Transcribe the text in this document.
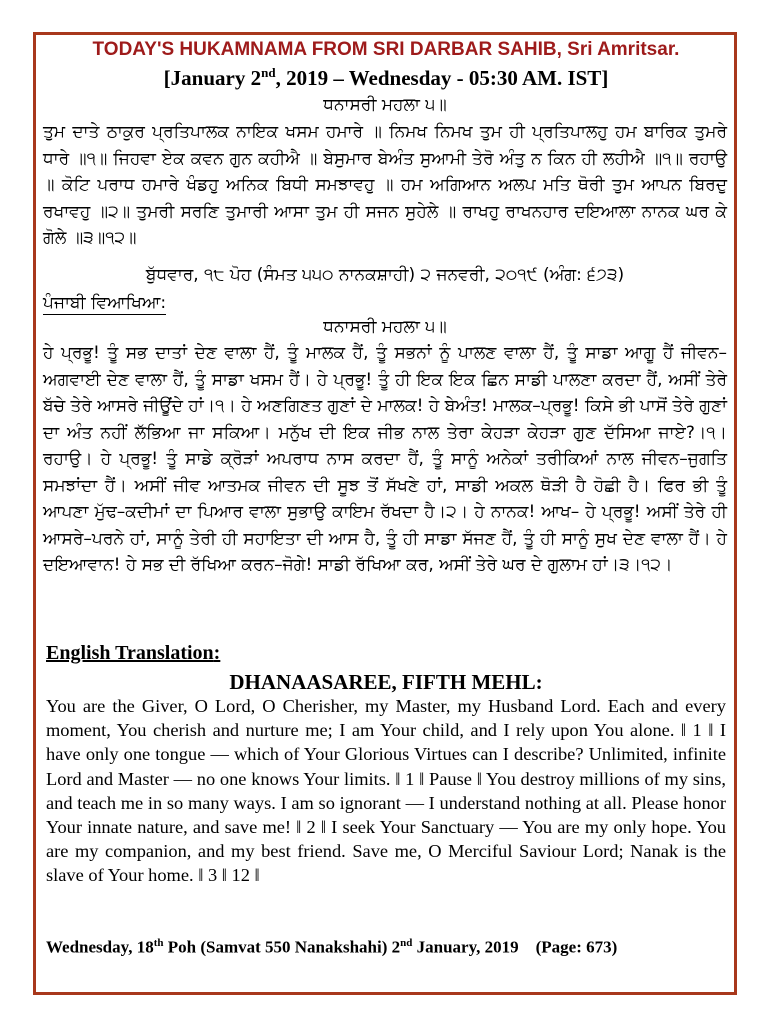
TODAY'S HUKAMNAMA FROM SRI DARBAR SAHIB, Sri Amritsar.
[January 2nd, 2019 – Wednesday - 05:30 AM. IST]
ਧਨਾਸਰੀ ਮਹਲਾ ੫॥
ਤੁਮ ਦਾਤੇ ਠਾਕੁਰ ਪ੍ਰਤਿਪਾਲਕ ਨਾਇਕ ਖਸਮ ਹਮਾਰੇ ॥ ਨਿਮਖ ਨਿਮਖ ਤੁਮ ਹੀ ਪ੍ਰਤਿਪਾਲਹੁ ਹਮ ਬਾਰਿਕ ਤੁਮਰੇ ਧਾਰੇ ॥੧॥ ਜਿਹਵਾ ਏਕ ਕਵਨ ਗੁਨ ਕਹੀਐ ॥ ਬੇਸੁਮਾਰ ਬੇਅੰਤ ਸੁਆਮੀ ਤੇਰੋ ਅੰਤੁ ਨ ਕਿਨ ਹੀ ਲਹੀਐ ॥੧॥ ਰਹਾਉ ॥ ਕੋਟਿ ਪਰਾਧ ਹਮਾਰੇ ਖੰਡਹੁ ਅਨਿਕ ਬਿਧੀ ਸਮਝਾਵਹੁ ॥ ਹਮ ਅਗਿਆਨ ਅਲਪ ਮਤਿ ਥੋਰੀ ਤੁਮ ਆਪਨ ਬਿਰਦੁ ਰਖਾਵਹੁ ॥੨॥ ਤੁਮਰੀ ਸਰਣਿ ਤੁਮਾਰੀ ਆਸਾ ਤੁਮ ਹੀ ਸਜਨ ਸੁਹੇਲੇ ॥ ਰਾਖਹੁ ਰਾਖਨਹਾਰ ਦਇਆਲਾ ਨਾਨਕ ਘਰ ਕੇ ਗੋਲੇ ॥੩॥੧੨॥
ਬੁੱਧਵਾਰ, ੧੮ ਪੋਹ (ਸੰਮਤ ੫੫੦ ਨਾਨਕਸ਼ਾਹੀ) ੨ ਜਨਵਰੀ, ੨੦੧੯ (ਅੰਗ: ੬੭੩)
ਪੰਜਾਬੀ ਵਿਆਖਿਆ:
ਧਨਾਸਰੀ ਮਹਲਾ ੫॥
ਹੇ ਪ੍ਰਭੂ! ਤੂੰ ਸਭ ਦਾਤਾਂ ਦੇਣ ਵਾਲਾ ਹੈਂ, ਤੂੰ ਮਾਲਕ ਹੈਂ, ਤੂੰ ਸਭਨਾਂ ਨੂੰ ਪਾਲਣ ਵਾਲਾ ਹੈਂ, ਤੂੰ ਸਾਡਾ ਆਗੂ ਹੈਂ ਜੀਵਨ–ਅਗਵਾਈ ਦੇਣ ਵਾਲਾ ਹੈਂ, ਤੂੰ ਸਾਡਾ ਖਸਮ ਹੈਂ। ਹੇ ਪ੍ਰਭੂ! ਤੂੰ ਹੀ ਇਕ ਇਕ ਛਿਨ ਸਾਡੀ ਪਾਲਣਾ ਕਰਦਾ ਹੈਂ, ਅਸੀਂ ਤੇਰੇ ਬੱਚੇ ਤੇਰੇ ਆਸਰੇ ਜੀਊਂਦੇ ਹਾਂ।੧। ਹੇ ਅਣਗਿਣਤ ਗੁਣਾਂ ਦੇ ਮਾਲਕ! ਹੇ ਬੇਅੰਤ! ਮਾਲਕ–ਪ੍ਰਭੂ! ਕਿਸੇ ਭੀ ਪਾਸੋਂ ਤੇਰੇ ਗੁਣਾਂ ਦਾ ਅੰਤ ਨਹੀਂ ਲੱਭਿਆ ਜਾ ਸਕਿਆ। ਮਨੁੱਖ ਦੀ ਇਕ ਜੀਭ ਨਾਲ ਤੇਰਾ ਕੇਹੜਾ ਕੇਹੜਾ ਗੁਣ ਦੱਸਿਆ ਜਾਏ?।੧।ਰਹਾਉ। ਹੇ ਪ੍ਰਭੂ! ਤੂੰ ਸਾਡੇ ਕ੍ਰੋੜਾਂ ਅਪਰਾਧ ਨਾਸ ਕਰਦਾ ਹੈਂ, ਤੂੰ ਸਾਨੂੰ ਅਨੇਕਾਂ ਤਰੀਕਿਆਂ ਨਾਲ ਜੀਵਨ–ਜੁਗਤਿ ਸਮਝਾਂਦਾ ਹੈਂ। ਅਸੀਂ ਜੀਵ ਆਤਮਕ ਜੀਵਨ ਦੀ ਸੂਝ ਤੋਂ ਸੱਖਣੇ ਹਾਂ, ਸਾਡੀ ਅਕਲ ਥੋੜੀ ਹੈ ਹੋਛੀ ਹੈ। ਫਿਰ ਭੀ ਤੂੰ ਆਪਣਾ ਮੁੱਢ–ਕਦੀਮਾਂ ਦਾ ਪਿਆਰ ਵਾਲਾ ਸੁਭਾਉ ਕਾਇਮ ਰੱਖਦਾ ਹੈ।੨। ਹੇ ਨਾਨਕ! ਆਖ– ਹੇ ਪ੍ਰਭੂ! ਅਸੀਂ ਤੇਰੇ ਹੀ ਆਸਰੇ–ਪਰਨੇ ਹਾਂ, ਸਾਨੂੰ ਤੇਰੀ ਹੀ ਸਹਾਇਤਾ ਦੀ ਆਸ ਹੈ, ਤੂੰ ਹੀ ਸਾਡਾ ਸੱਜਣ ਹੈਂ, ਤੂੰ ਹੀ ਸਾਨੂੰ ਸੁਖ ਦੇਣ ਵਾਲਾ ਹੈਂ। ਹੇ ਦਇਆਵਾਨ! ਹੇ ਸਭ ਦੀ ਰੱਖਿਆ ਕਰਨ–ਜੋਗੇ! ਸਾਡੀ ਰੱਖਿਆ ਕਰ, ਅਸੀਂ ਤੇਰੇ ਘਰ ਦੇ ਗੁਲਾਮ ਹਾਂ।੩।੧੨।
English Translation:
DHANAASAREE, FIFTH MEHL:
You are the Giver, O Lord, O Cherisher, my Master, my Husband Lord. Each and every moment, You cherish and nurture me; I am Your child, and I rely upon You alone. ‖ 1 ‖ I have only one tongue — which of Your Glorious Virtues can I describe? Unlimited, infinite Lord and Master — no one knows Your limits. ‖ 1 ‖ Pause ‖ You destroy millions of my sins, and teach me in so many ways. I am so ignorant — I understand nothing at all. Please honor Your innate nature, and save me! ‖ 2 ‖ I seek Your Sanctuary — You are my only hope. You are my companion, and my best friend. Save me, O Merciful Saviour Lord; Nanak is the slave of Your home. ‖ 3 ‖ 12 ‖
Wednesday, 18th Poh (Samvat 550 Nanakshahi) 2nd January, 2019 (Page: 673)
